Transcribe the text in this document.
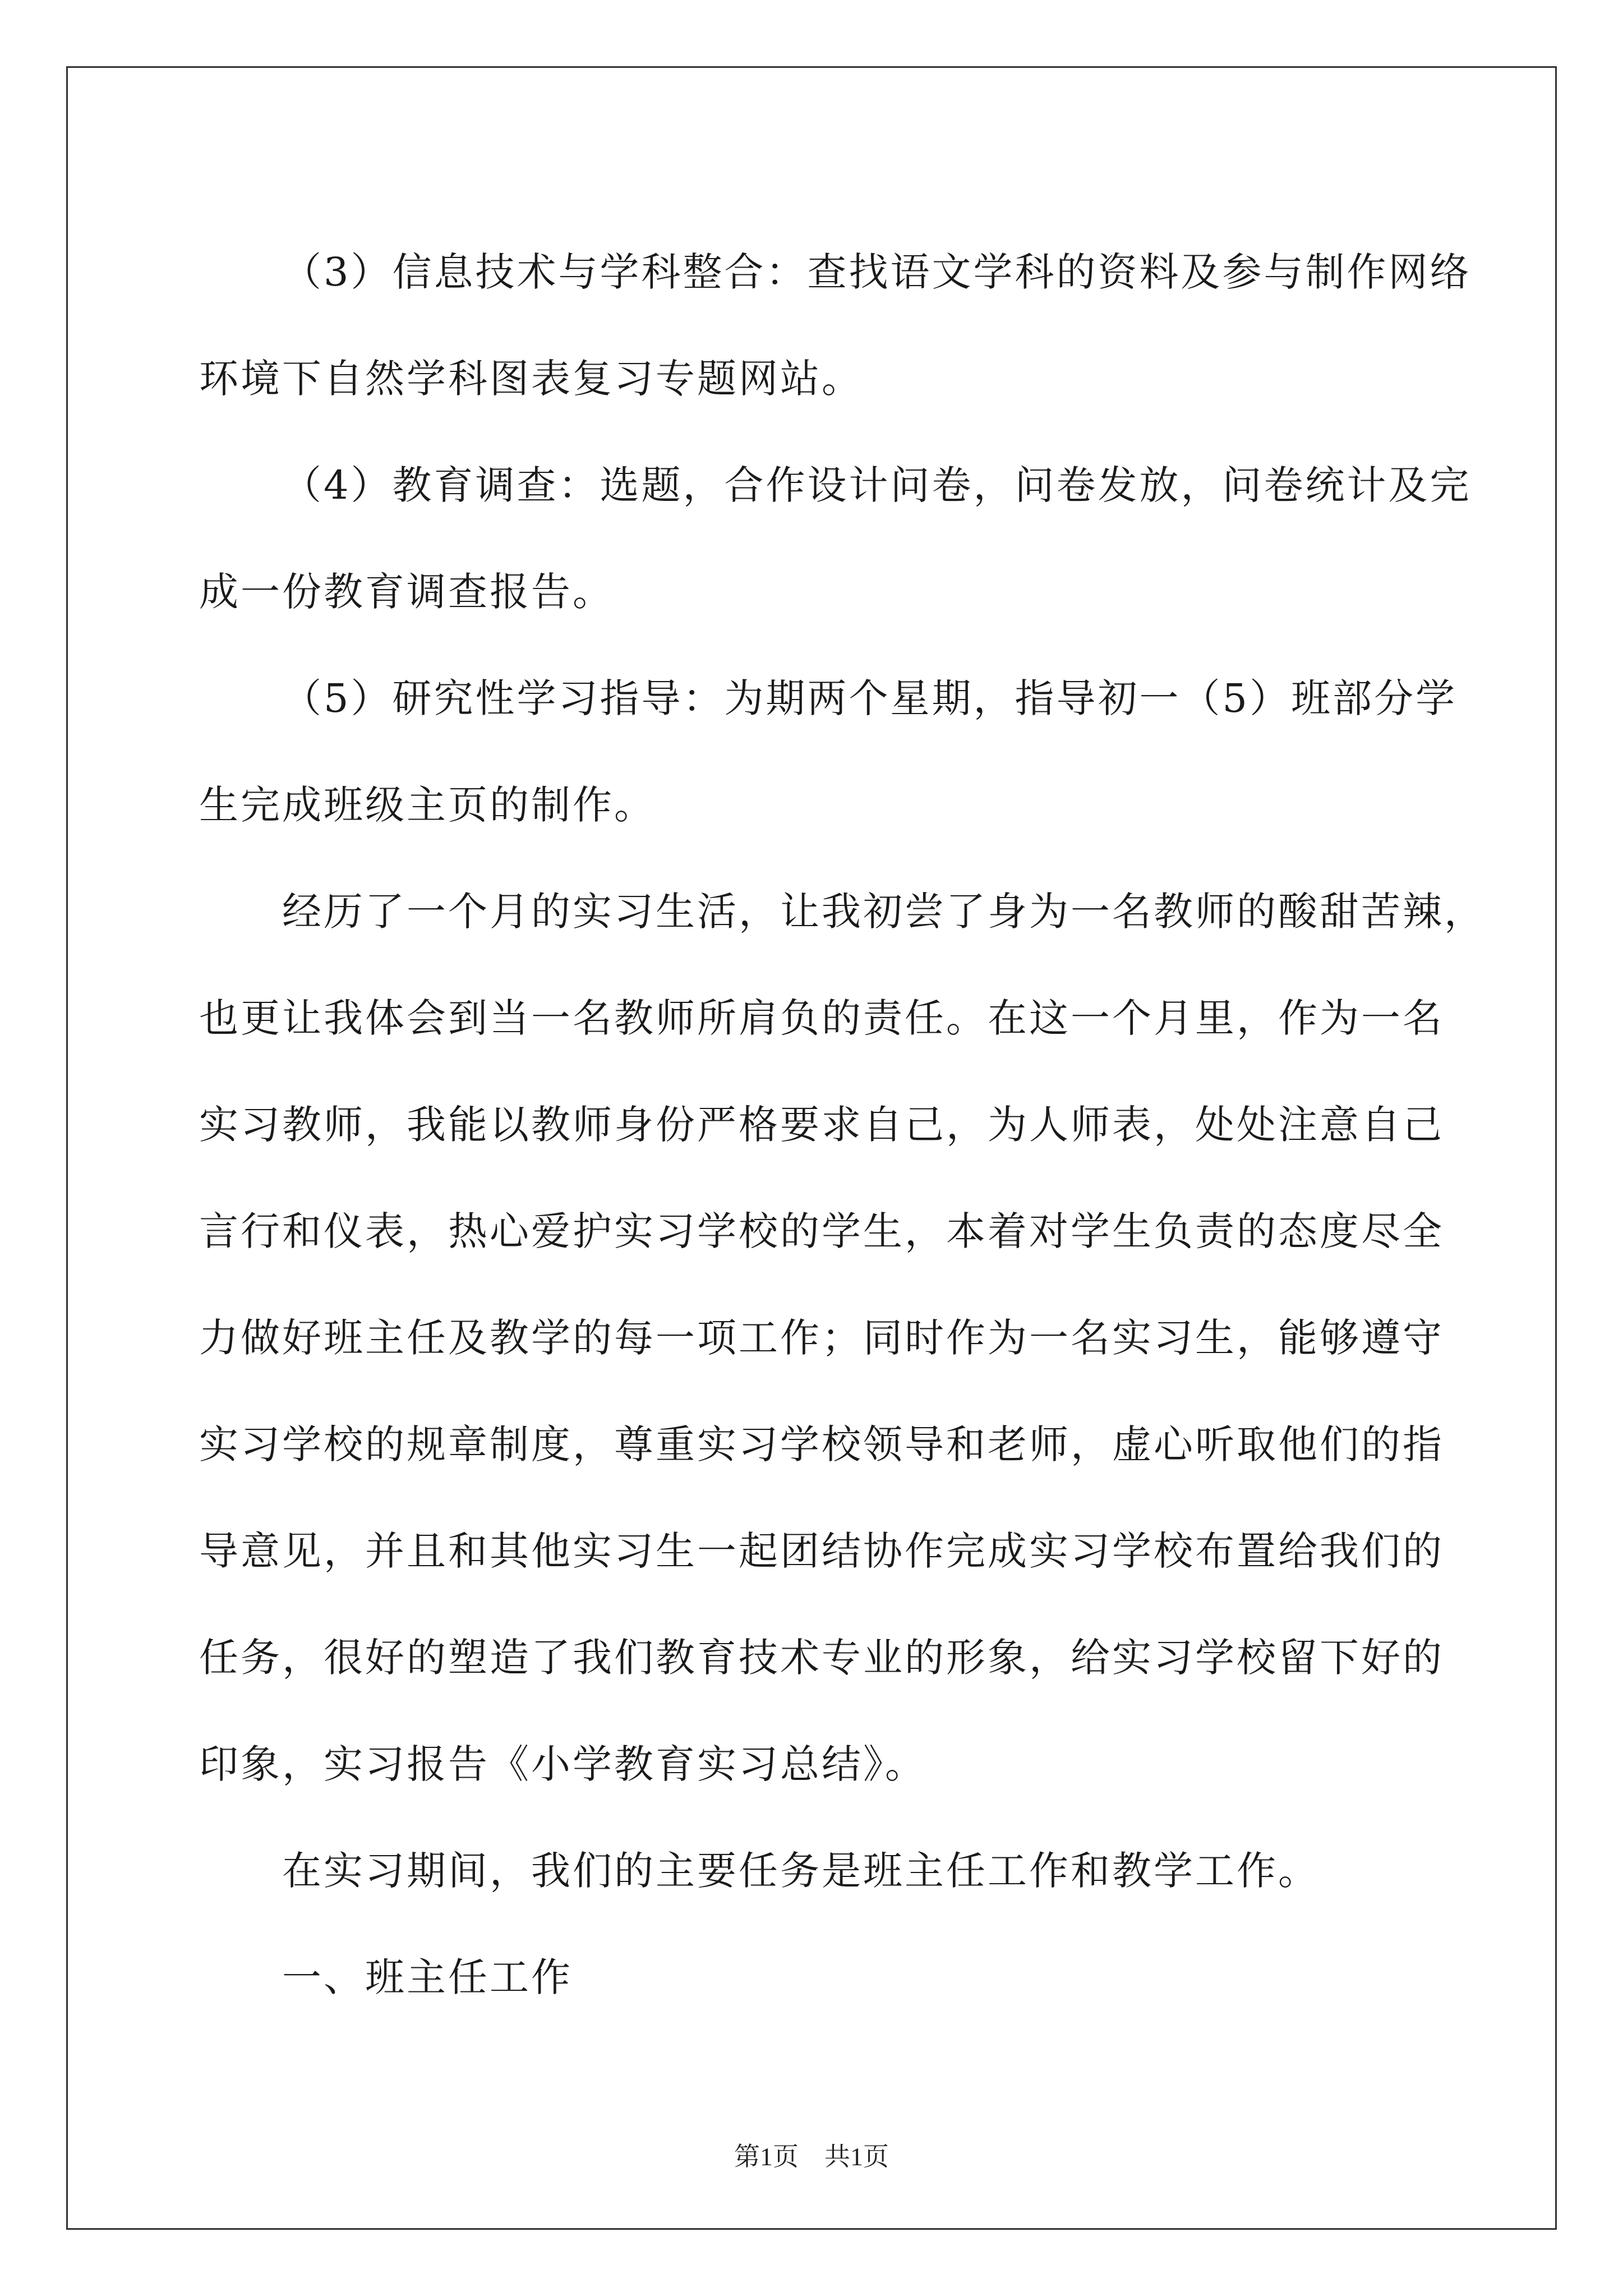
（3）信息技术与学科整合：查找语文学科的资料及参与制作网络
环境下自然学科图表复习专题网站。
（4）教育调查：选题，合作设计问卷，问卷发放，问卷统计及完
成一份教育调查报告。
（5）研究性学习指导：为期两个星期，指导初一（5）班部分学
生完成班级主页的制作。
经历了一个月的实习生活，让我初尝了身为一名教师的酸甜苦辣，
也更让我体会到当一名教师所肩负的责任。在这一个月里，作为一名
实习教师，我能以教师身份严格要求自己，为人师表，处处注意自己
言行和仪表，热心爱护实习学校的学生，本着对学生负责的态度尽全
力做好班主任及教学的每一项工作；同时作为一名实习生，能够遵守
实习学校的规章制度，尊重实习学校领导和老师，虚心听取他们的指
导意见，并且和其他实习生一起团结协作完成实习学校布置给我们的
任务，很好的塑造了我们教育技术专业的形象，给实习学校留下好的
印象，实习报告《小学教育实习总结》。
在实习期间，我们的主要任务是班主任工作和教学工作。
一、班主任工作
第1页 共1页
